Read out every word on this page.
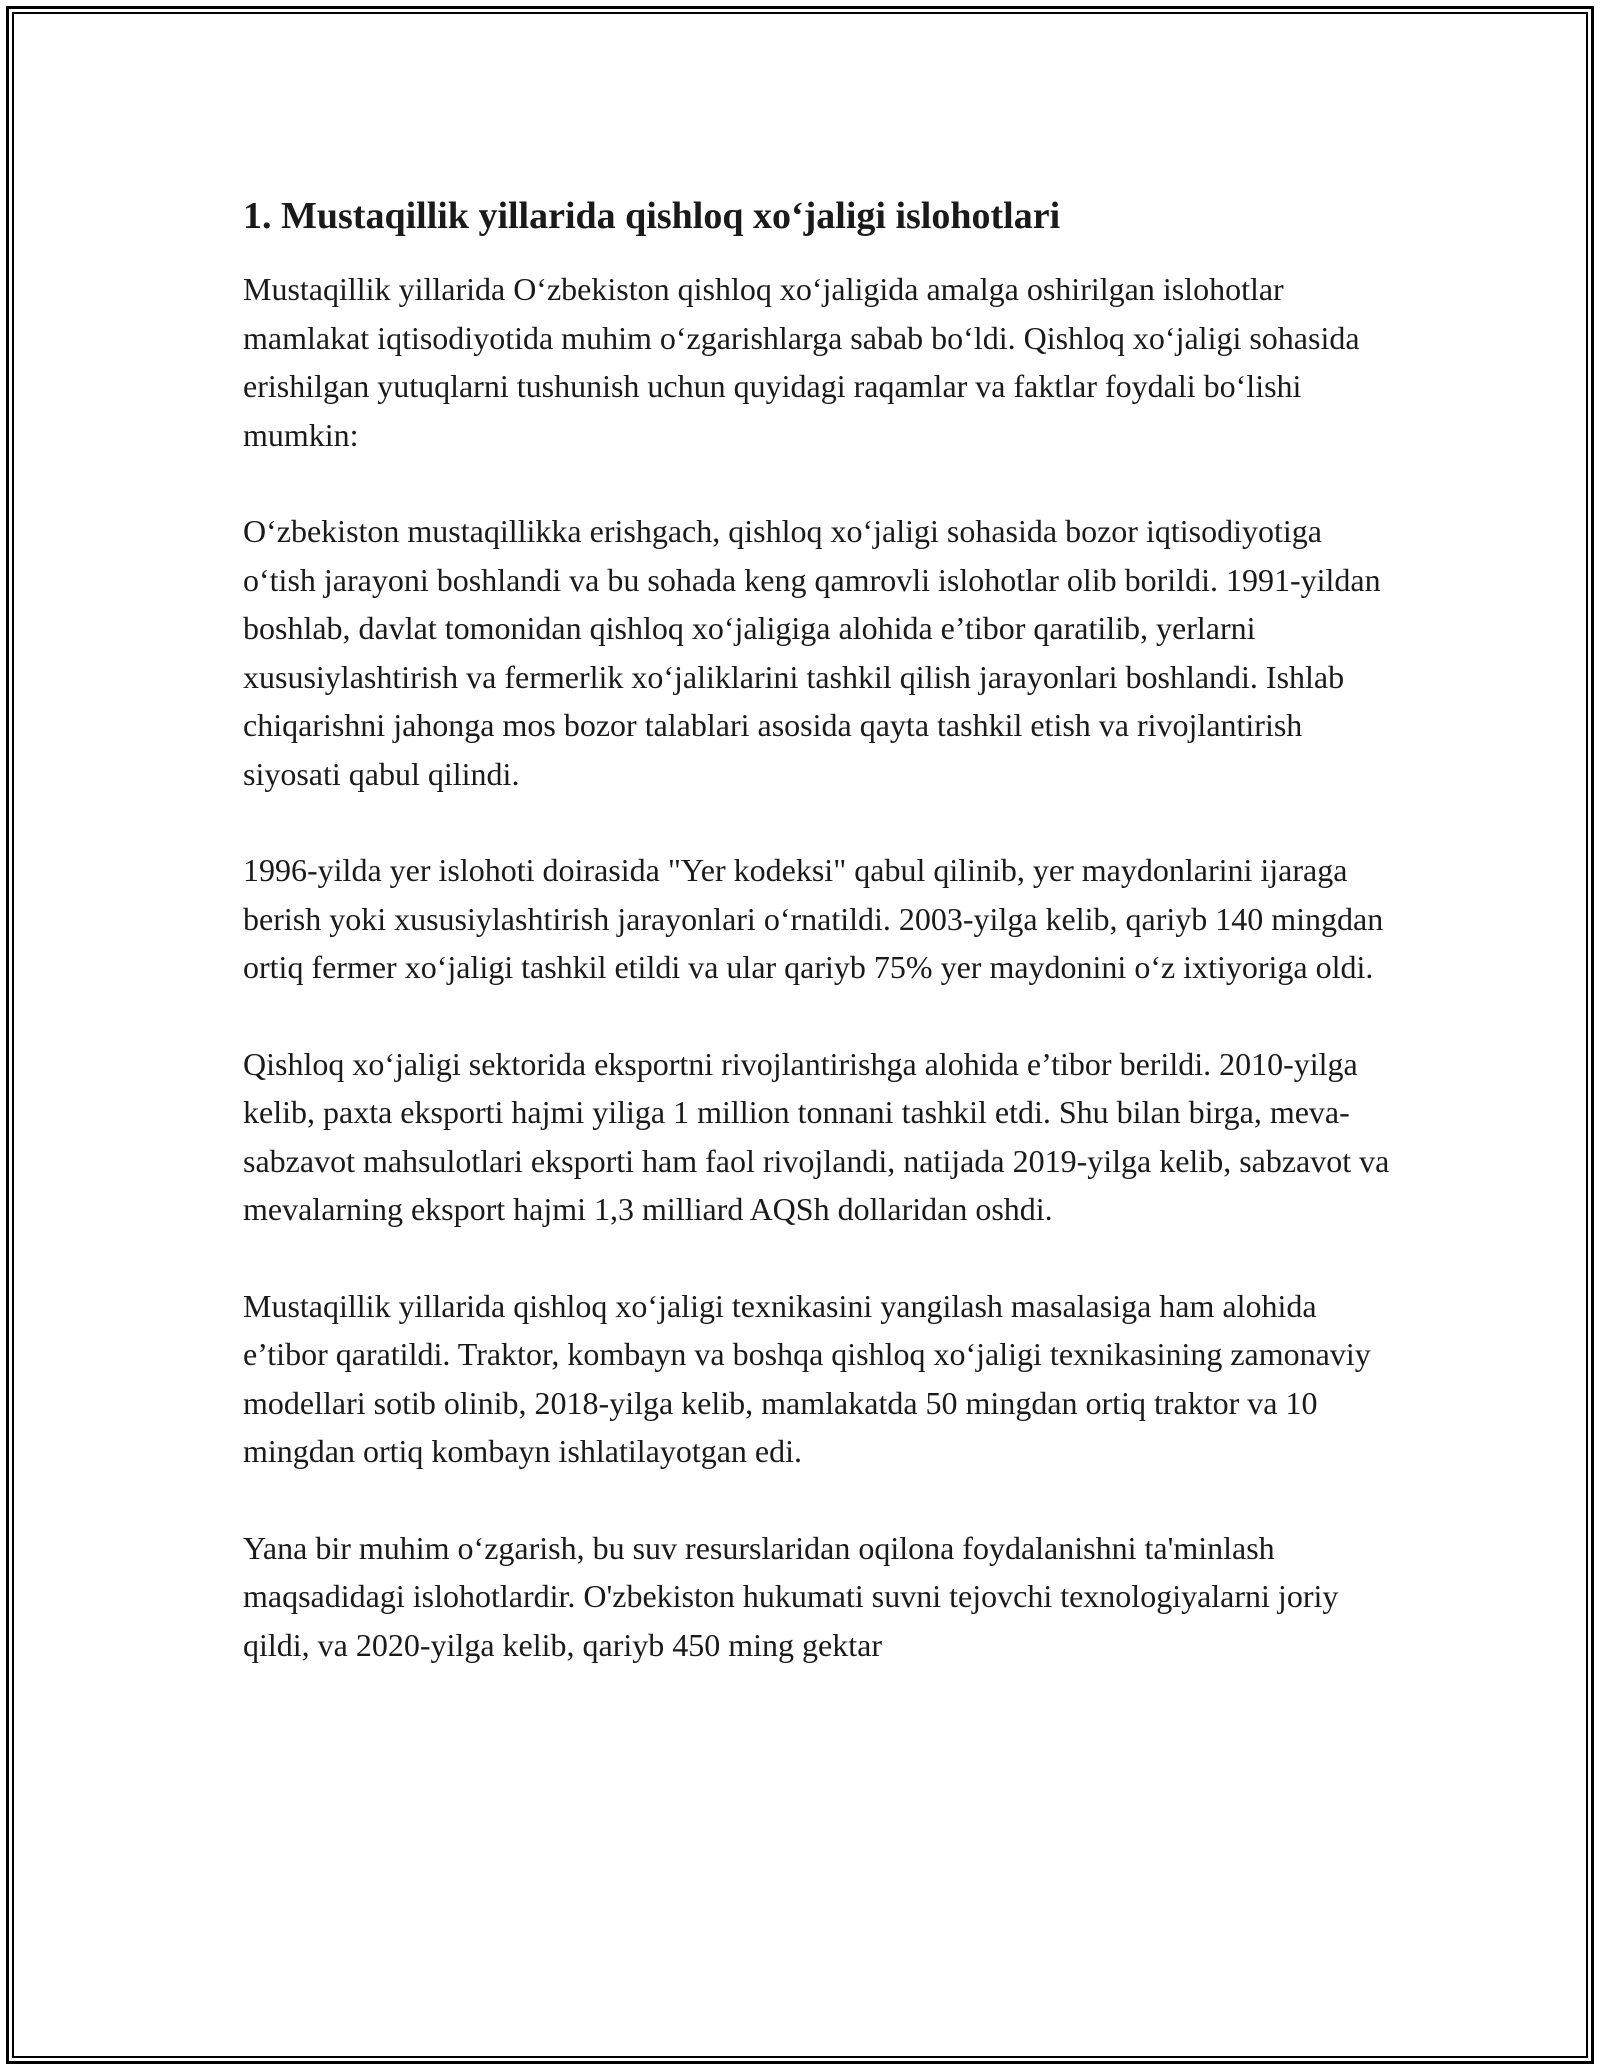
1. Mustaqillik yillarida qishloq xo‘jaligi islohotlari

Mustaqillik yillarida O‘zbekiston qishloq xo‘jaligida amalga oshirilgan islohotlar mamlakat iqtisodiyotida muhim o‘zgarishlarga sabab bo‘ldi. Qishloq xo‘jaligi sohasida erishilgan yutuqlarni tushunish uchun quyidagi raqamlar va faktlar foydali bo‘lishi mumkin:

O‘zbekiston mustaqillikka erishgach, qishloq xo‘jaligi sohasida bozor iqtisodiyotiga o‘tish jarayoni boshlandi va bu sohada keng qamrovli islohotlar olib borildi. 1991-yildan boshlab, davlat tomonidan qishloq xo‘jaligiga alohida e’tibor qaratilib, yerlarni xususiylashtirish va fermerlik xo‘jaliklarini tashkil qilish jarayonlari boshlandi. Ishlab chiqarishni jahonga mos bozor talablari asosida qayta tashkil etish va rivojlantirish siyosati qabul qilindi.

1996-yilda yer islohoti doirasida "Yer kodeksi" qabul qilinib, yer maydonlarini ijaraga berish yoki xususiylashtirish jarayonlari o‘rnatildi. 2003-yilga kelib, qariyb 140 mingdan ortiq fermer xo‘jaligi tashkil etildi va ular qariyb 75% yer maydonini o‘z ixtiyoriga oldi.

Qishloq xo‘jaligi sektorida eksportni rivojlantirishga alohida e’tibor berildi. 2010-yilga kelib, paxta eksporti hajmi yiliga 1 million tonnani tashkil etdi. Shu bilan birga, meva-sabzavot mahsulotlari eksporti ham faol rivojlandi, natijada 2019-yilga kelib, sabzavot va mevalarning eksport hajmi 1,3 milliard AQSh dollaridan oshdi.

Mustaqillik yillarida qishloq xo‘jaligi texnikasini yangilash masalasiga ham alohida e’tibor qaratildi. Traktor, kombayn va boshqa qishloq xo‘jaligi texnikasining zamonaviy modellari sotib olinib, 2018-yilga kelib, mamlakatda 50 mingdan ortiq traktor va 10 mingdan ortiq kombayn ishlatilayotgan edi.

Yana bir muhim o‘zgarish, bu suv resurslaridan oqilona foydalanishni ta'minlash maqsadidagi islohotlardir. O'zbekiston hukumati suvni tejovchi texnologiyalarni joriy qildi, va 2020-yilga kelib, qariyb 450 ming gektar
